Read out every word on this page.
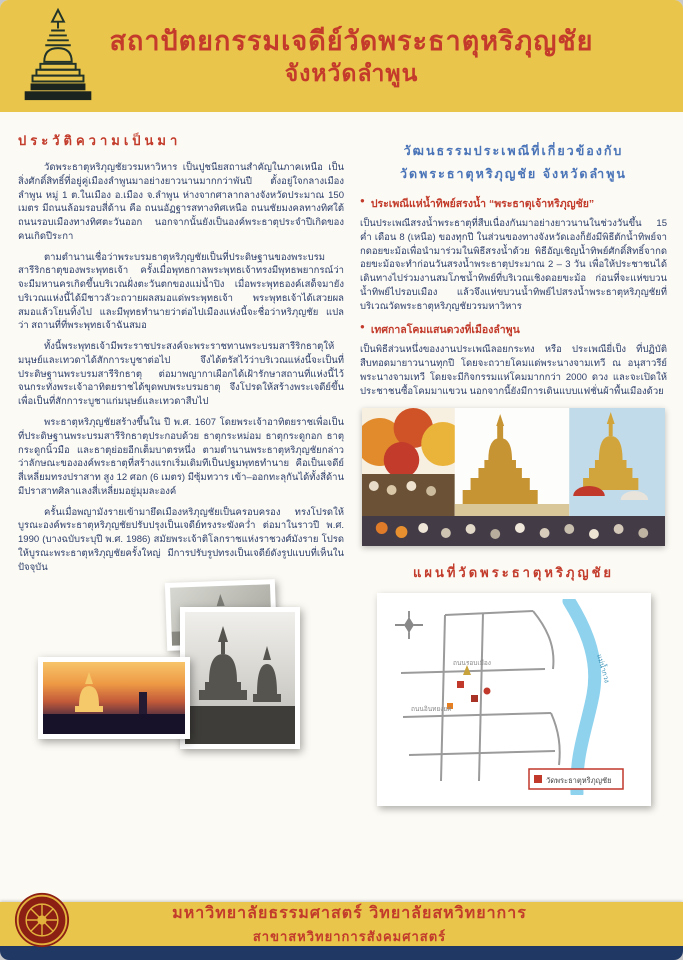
สถาปัตยกรรมเจดีย์วัดพระธาตุหริภุญชัย
จังหวัดลำพูน
ประวัติความเป็นมา

วัดพระธาตุหริภุญชัยวรมหาวิหาร เป็นปูชนียสถานสำคัญในภาคเหนือ เป็นสิ่งศักดิ์สิทธิ์ที่อยู่คู่เมืองลำพูนมาอย่างยาวนานมากกว่าพันปี ตั้งอยู่ใจกลางเมืองลำพูน หมู่ 1 ต.ในเมือง อ.เมือง จ.ลำพูน ห่างจากศาลากลางจังหวัดประมาณ 150 เมตร มีถนนล้อมรอบสี่ด้าน คือ ถนนอัฏฐารสทางทิศเหนือ ถนนชัยมงคลทางทิศใต้ ถนนรอบเมืองทางทิศตะวันออก นอกจากนั้นยังเป็นองค์พระธาตุประจำปีเกิดของคนเกิดปีระกา

ตามตำนานเชื่อว่าพระบรมธาตุหริภุญชัยเป็นที่ประดิษฐานของพระบรมสารีริกธาตุของพระพุทธเจ้า ครั้งเมื่อพุทธกาลพระพุทธเจ้าทรงมีพุทธพยากรณ์ว่าจะมีมหานครเกิดขึ้นบริเวณฝั่งตะวันตกของแม่น้ำปิง เมื่อพระพุทธองค์เสด็จมายังบริเวณแห่งนี้ได้มีชาวลัวะถวายผลสมอแด่พระพุทธเจ้า พระพุทธเจ้าได้เสวยผลสมอแล้วโยนทิ้งไป และมีพุทธทำนายว่าต่อไปเมืองแห่งนี้จะชื่อว่าหริภุญชัย แปลว่า สถานที่ที่พระพุทธเจ้าฉันสมอ

ทั้งนี้พระพุทธเจ้ามีพระราชประสงค์จะพระราชทานพระบรมสารีริกธาตุให้มนุษย์และเทวดาได้สักการะบูชาต่อไป จึงได้ตรัสไว้ว่าบริเวณแห่งนี้จะเป็นที่ประดิษฐานพระบรมสารีริกธาตุ ต่อมาพญากาเผือกได้เฝ้ารักษาสถานที่แห่งนี้ไว้ จนกระทั่งพระเจ้าอาทิตยราชได้ขุดพบพระบรมธาตุ จึงโปรดให้สร้างพระเจดีย์ขึ้นเพื่อเป็นที่สักการะบูชาแก่มนุษย์และเทวดาสืบไป

พระธาตุหริภุญชัยสร้างขึ้นใน ปี พ.ศ. 1607 โดยพระเจ้าอาทิตยราชเพื่อเป็นที่ประดิษฐานพระบรมสารีริกธาตุประกอบด้วย ธาตุกระหม่อม ธาตุกระดูกอก ธาตุกระดูกนิ้วมือ และธาตุย่อยอีกเต็มบาตรหนึ่ง ตามตำนานพระธาตุหริภุญชัยกล่าวว่าลักษณะขององค์พระธาตุที่สร้างแรกเริ่มเดิมทีเป็นปฐมพุทธทำนาย คือเป็นเจดีย์สี่เหลี่ยมทรงปราสาท สูง 12 ศอก (6 เมตร) มีซุ้มทวาร เข้า–ออกทะลุกันได้ทั้งสี่ด้าน มีปราสาทศิลาแลงสี่เหลี่ยมอยู่มุมละองค์

ครั้นเมื่อพญามังรายเข้ามายึดเมืองหริภุญชัยเป็นครอบครอง ทรงโปรดให้บูรณะองค์พระธาตุหริภุญชัยปรับปรุงเป็นเจดีย์ทรงระฆังคว่ำ ต่อมาในราวปี พ.ศ. 1990 (บางฉบับระบุปี พ.ศ. 1986) สมัยพระเจ้าติโลกราชแห่งราชวงศ์มังราย โปรดให้บูรณะพระธาตุหริภุญชัยครั้งใหญ่ มีการปรับรูปทรงเป็นเจดีย์ดังรูปแบบที่เห็นในปัจจุบัน

วัฒนธรรมประเพณีที่เกี่ยวข้องกับ
วัดพระธาตุหริภุญชัย จังหวัดลำพูน
● ประเพณีแห่น้ำทิพย์สรงน้ำ “พระธาตุเจ้าหริภุญชัย”

เป็นประเพณีสรงน้ำพระธาตุที่สืบเนื่องกันมาอย่างยาวนานในช่วงวันขึ้น 15 ค่ำ เดือน 8 (เหนือ) ของทุกปี ในส่วนของทางจังหวัดเองก็ยังมีพิธีตักน้ำทิพย์จากดอยขะม้อเพื่อนำมาร่วมในพิธีสรงน้ำด้วย พิธีอัญเชิญน้ำทิพย์ศักดิ์สิทธิ์จากดอยขะม้อจะทำก่อนวันสรงน้ำพระธาตุประมาณ 2 – 3 วัน เพื่อให้ประชาชนได้เดินทางไปร่วมงานสมโภชน้ำทิพย์ที่บริเวณเชิงดอยขะม้อ ก่อนที่จะแห่ขบวนน้ำทิพย์ไปรอบเมือง แล้วจึงแห่ขบวนน้ำทิพย์ไปสรงน้ำพระธาตุหริภุญชัยที่บริเวณวัดพระธาตุหริภุญชัยวรมหาวิหาร

● เทศกาลโคมแสนดวงที่เมืองลำพูน

เป็นพิธีส่วนหนึ่งของงานประเพณีลอยกระทง หรือ ประเพณียี่เป็ง ที่ปฏิบัติสืบทอดมายาวนานทุกปี โดยจะถวายโคมแด่พระนางจามเทวี ณ อนุสาวรีย์พระนางจามเทวี โดยจะมีกิจกรรมแห่โคมมากกว่า 2000 ดวง และจะเปิดให้ประชาชนซื้อโคมมาแขวน นอกจากนี้ยังมีการเดินแบบแฟชั่นผ้าพื้นเมืองด้วย

แผนที่วัดพระธาตุหริภุญชัย
ถนนรอบเมือง
ถนนอินทยงยศ
แม่น้ำกวง
วัดพระธาตุหริภุญชัย
มหาวิทยาลัยธรรมศาสตร์ วิทยาลัยสหวิทยาการ
สาขาสหวิทยาการสังคมศาสตร์
